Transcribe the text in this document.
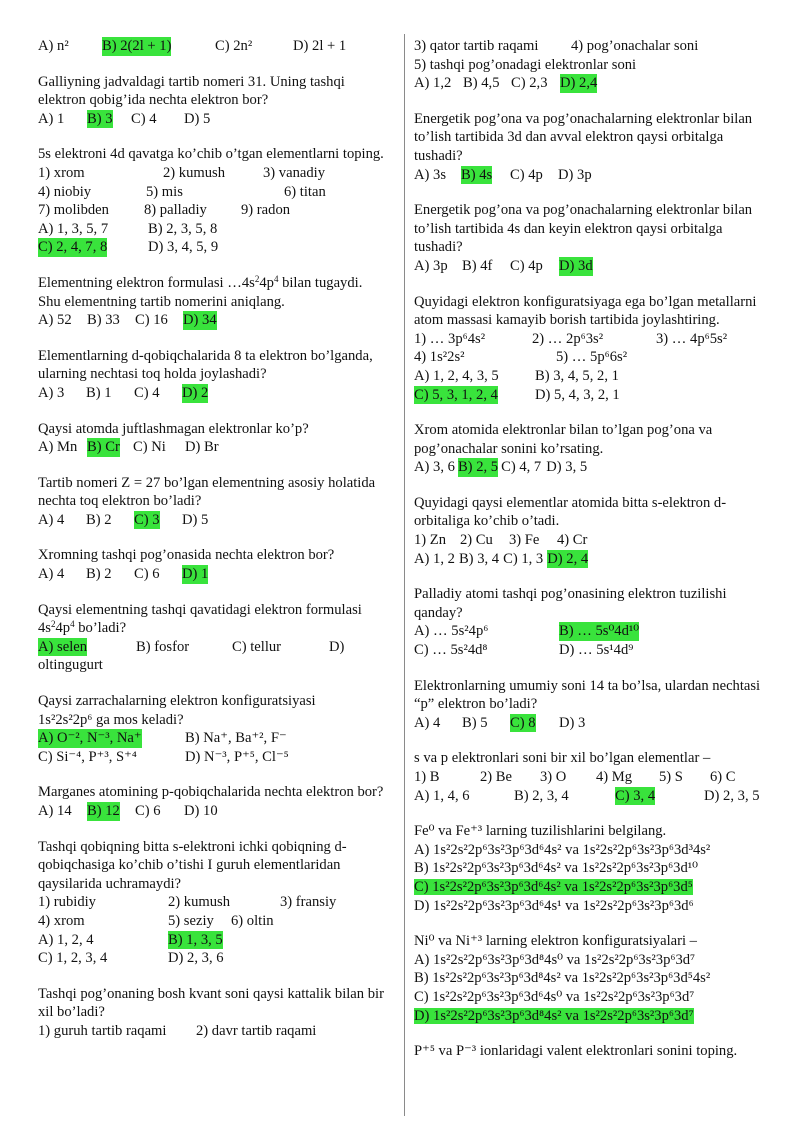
A) n²	B) 2(2l + 1)	C) 2n²	D) 2l + 1
Galliyning jadvaldagi tartib nomeri 31. Uning tashqi elektron qobig’ida nechta elektron bor?
A) 1	B) 3	C) 4	D) 5
5s elektroni 4d qavatga ko’chib o’tgan elementlarni toping.
1) xrom	2) kumush	3) vanadiy
4) niobiy	5) mis	6) titan
7) molibden	8) palladiy	9) radon
A) 1, 3, 5, 7	B) 2, 3, 5, 8
C) 2, 4, 7, 8	D) 3, 4, 5, 9
Elementning elektron formulasi $\dots 4s^24p^4$ bilan tugaydi. Shu elementning tartib nomerini aniqlang.
A) 52	B) 33	C) 16	D) 34
Elementlarning d-qobiqchalarida 8 ta elektron bo’lganda, ularning nechtasi toq holda joylashadi?
A) 3	B) 1	C) 4	D) 2
Qaysi atomda juftlashmagan elektronlar ko’p?
A) Mn B) Cr C) Ni	D) Br
Tartib nomeri Z = 27 bo’lgan elementning asosiy holatida nechta toq elektron bo’ladi?
A) 4	B) 2	C) 3	D) 5
Xromning tashqi pog’onasida nechta elektron bor?
A) 4	B) 2	C) 6	D) 1
Qaysi elementning tashqi qavatidagi elektron formulasi $4s^24p^4$ bo’ladi?
A) selen	B) fosfor	C) tellur	D)
oltingugurt
Qaysi zarrachalarning elektron konfiguratsiyasi
1s²2s²2p⁶ ga mos keladi?
A) O⁻², N⁻³, Na⁺	B) Na⁺, Ba⁺², F⁻
C) Si⁻⁴, P⁺³, S⁺⁴	D) N⁻³, P⁺⁵, Cl⁻⁵
Marganes atomining p-qobiqchalarida nechta elektron bor?
A) 14	B) 12	C) 6	D) 10
Tashqi qobiqning bitta s-elektroni ichki qobiqning d-qobiqchasiga ko’chib o’tishi I guruh elementlaridan qaysilarida uchramaydi?
1) rubidiy	2) kumush	3) fransiy
4) xrom	5) seziy	6) oltin
A) 1, 2, 4	B) 1, 3, 5
C) 1, 2, 3, 4	D) 2, 3, 6
Tashqi pog’onaning bosh kvant soni qaysi kattalik bilan bir xil bo’ladi?
1) guruh tartib raqami	2) davr tartib raqami
3) qator tartib raqami	4) pog’onachalar soni
5) tashqi pog’onadagi elektronlar soni
A) 1,2 B) 4,5 C) 2,3 D) 2,4
Energetik pog’ona va pog’onachalarning elektronlar bilan to’lish tartibida 3d dan avval elektron qaysi orbitalga tushadi?
A) 3s	B) 4s	C) 4p	D) 3p
Energetik pog’ona va pog’onachalarning elektronlar bilan to’lish tartibida 4s dan keyin elektron qaysi orbitalga tushadi?
A) 3p B) 4f	C) 4p	D) 3d
Quyidagi elektron konfiguratsiyaga ega bo’lgan metallarni atom massasi kamayib borish tartibida joylashtiring.
1) … 3p⁶4s²	2) … 2p⁶3s²	3) … 4p⁶5s²
4) 1s²2s²	5) … 5p⁶6s²
A) 1, 2, 4, 3, 5	B) 3, 4, 5, 2, 1
C) 5, 3, 1, 2, 4	D) 5, 4, 3, 2, 1
Xrom atomida elektronlar bilan to’lgan pog’ona va pog’onachalar sonini ko’rsating.
A) 3, 6 B) 2, 5 C) 4, 7 D) 3, 5
Quyidagi qaysi elementlar atomida bitta s-elektron d-orbitaliga ko’chib o’tadi.
1) Zn 2) Cu	3) Fe	4) Cr
A) 1, 2 B) 3, 4 C) 1, 3 D) 2, 4
Palladiy atomi tashqi pog’onasining elektron tuzilishi qanday?
A) … 5s²4p⁶	B) … 5s⁰4d¹⁰
C) … 5s²4d⁸	D) … 5s¹4d⁹
Elektronlarning umumiy soni 14 ta bo’lsa, ulardan nechtasi “p” elektron bo’ladi?
A) 4	B) 5	C) 8	D) 3
s va p elektronlari soni bir xil bo’lgan elementlar –
1) B	2) Be	3) O	4) Mg	5) S	6) C
A) 1, 4, 6	B) 2, 3, 4	C) 3, 4	D) 2, 3, 5
Fe⁰ va Fe⁺³ larning tuzilishlarini belgilang.
A) 1s²2s²2p⁶3s²3p⁶3d⁶4s² va 1s²2s²2p⁶3s²3p⁶3d³4s²
B) 1s²2s²2p⁶3s²3p⁶3d⁶4s² va 1s²2s²2p⁶3s²3p⁶3d¹⁰
C) 1s²2s²2p⁶3s²3p⁶3d⁶4s² va 1s²2s²2p⁶3s²3p⁶3d⁵
D) 1s²2s²2p⁶3s²3p⁶3d⁶4s¹ va 1s²2s²2p⁶3s²3p⁶3d⁶
Ni⁰ va Ni⁺³ larning elektron konfiguratsiyalari –
A) 1s²2s²2p⁶3s²3p⁶3d⁸4s⁰ va 1s²2s²2p⁶3s²3p⁶3d⁷
B) 1s²2s²2p⁶3s²3p⁶3d⁸4s² va 1s²2s²2p⁶3s²3p⁶3d⁵4s²
C) 1s²2s²2p⁶3s²3p⁶3d⁶4s⁰ va 1s²2s²2p⁶3s²3p⁶3d⁷
D) 1s²2s²2p⁶3s²3p⁶3d⁸4s² va 1s²2s²2p⁶3s²3p⁶3d⁷
P⁺⁵ va P⁻³ ionlaridagi valent elektronlari sonini toping.
